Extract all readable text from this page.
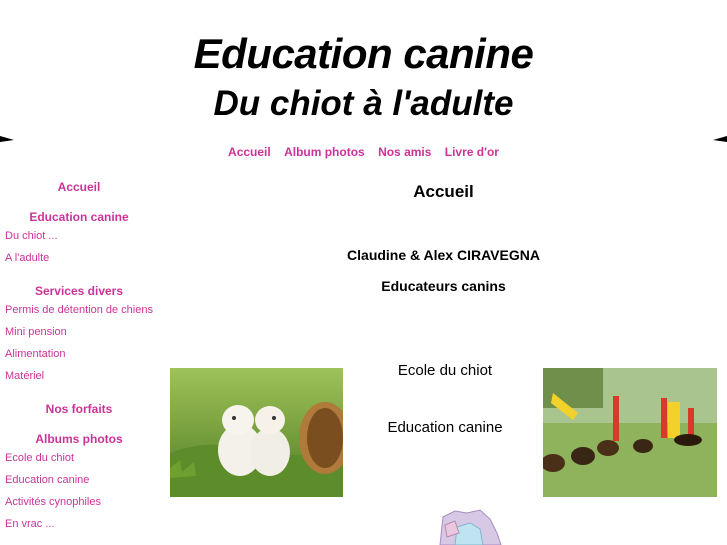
Education canine
Du chiot à l'adulte
Accueil Album photos Nos amis Livre d'or
Accueil
Education canine
Du chiot ...
A l'adulte
Services divers
Permis de détention de chiens
Mini pension
Alimentation
Matériel
Nos forfaits
Albums photos
Ecole du chiot
Education canine
Activités cynophiles
En vrac ...
Accueil
Claudine & Alex CIRAVEGNA
Educateurs canins
Ecole du chiot
Education canine
